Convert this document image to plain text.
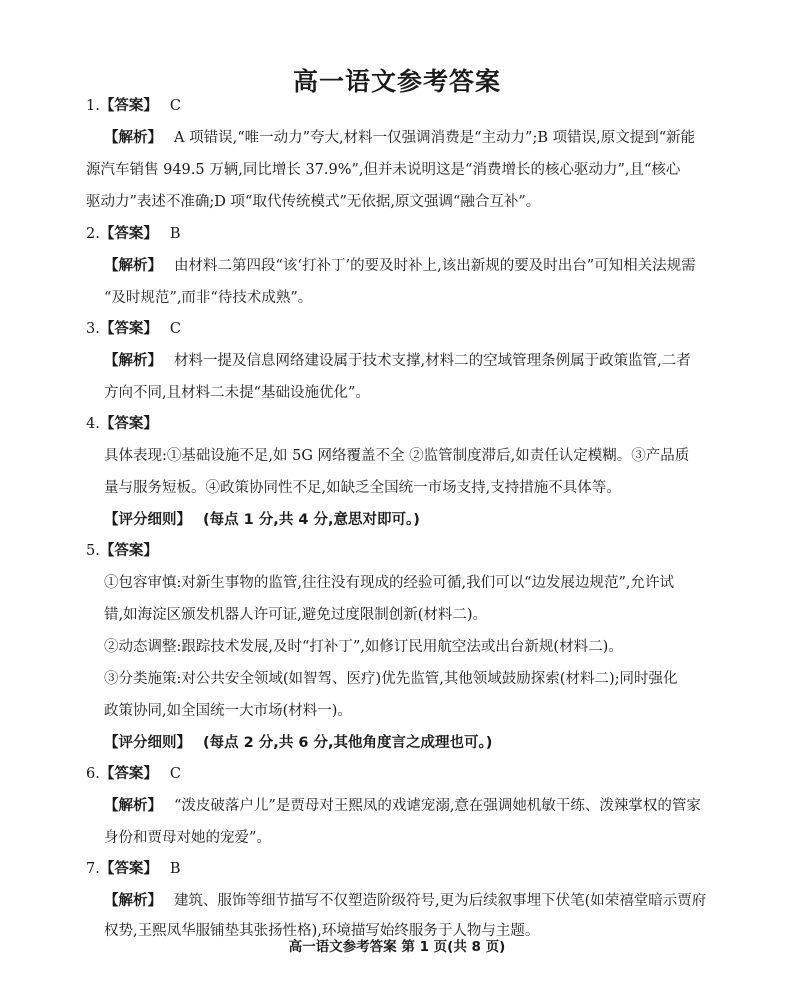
高一语文参考答案
1.【答案】 C
【解析】 A 项错误,“唯一动力”夸大,材料一仅强调消费是“主动力”;B 项错误,原文提到“新能
源汽车销售 949.5 万辆,同比增长 37.9%”,但并未说明这是“消费增长的核心驱动力”,且“核心
驱动力”表述不准确;D 项“取代传统模式”无依据,原文强调“融合互补”。
2.【答案】 B
【解析】 由材料二第四段“该‘打补丁’的要及时补上,该出新规的要及时出台”可知相关法规需
“及时规范”,而非“待技术成熟”。
3.【答案】 C
【解析】 材料一提及信息网络建设属于技术支撑,材料二的空域管理条例属于政策监管,二者
方向不同,且材料二未提“基础设施优化”。
4.【答案】
具体表现:①基础设施不足,如 5G 网络覆盖不全 ②监管制度滞后,如责任认定模糊。③产品质
量与服务短板。④政策协同性不足,如缺乏全国统一市场支持,支持措施不具体等。
【评分细则】 (每点 1 分,共 4 分,意思对即可。)
5.【答案】
①包容审慎:对新生事物的监管,往往没有现成的经验可循,我们可以“边发展边规范”,允许试
错,如海淀区颁发机器人许可证,避免过度限制创新(材料二)。
②动态调整:跟踪技术发展,及时“打补丁”,如修订民用航空法或出台新规(材料二)。
③分类施策:对公共安全领域(如智驾、医疗)优先监管,其他领域鼓励探索(材料二);同时强化
政策协同,如全国统一大市场(材料一)。
【评分细则】 (每点 2 分,共 6 分,其他角度言之成理也可。)
6.【答案】 C
【解析】 “泼皮破落户儿”是贾母对王熙凤的戏谑宠溺,意在强调她机敏干练、泼辣掌权的管家
身份和贾母对她的宠爱”。
7.【答案】 B
【解析】 建筑、服饰等细节描写不仅塑造阶级符号,更为后续叙事埋下伏笔(如荣禧堂暗示贾府
权势,王熙凤华服铺垫其张扬性格),环境描写始终服务于人物与主题。
高一语文参考答案 第 1 页(共 8 页)
